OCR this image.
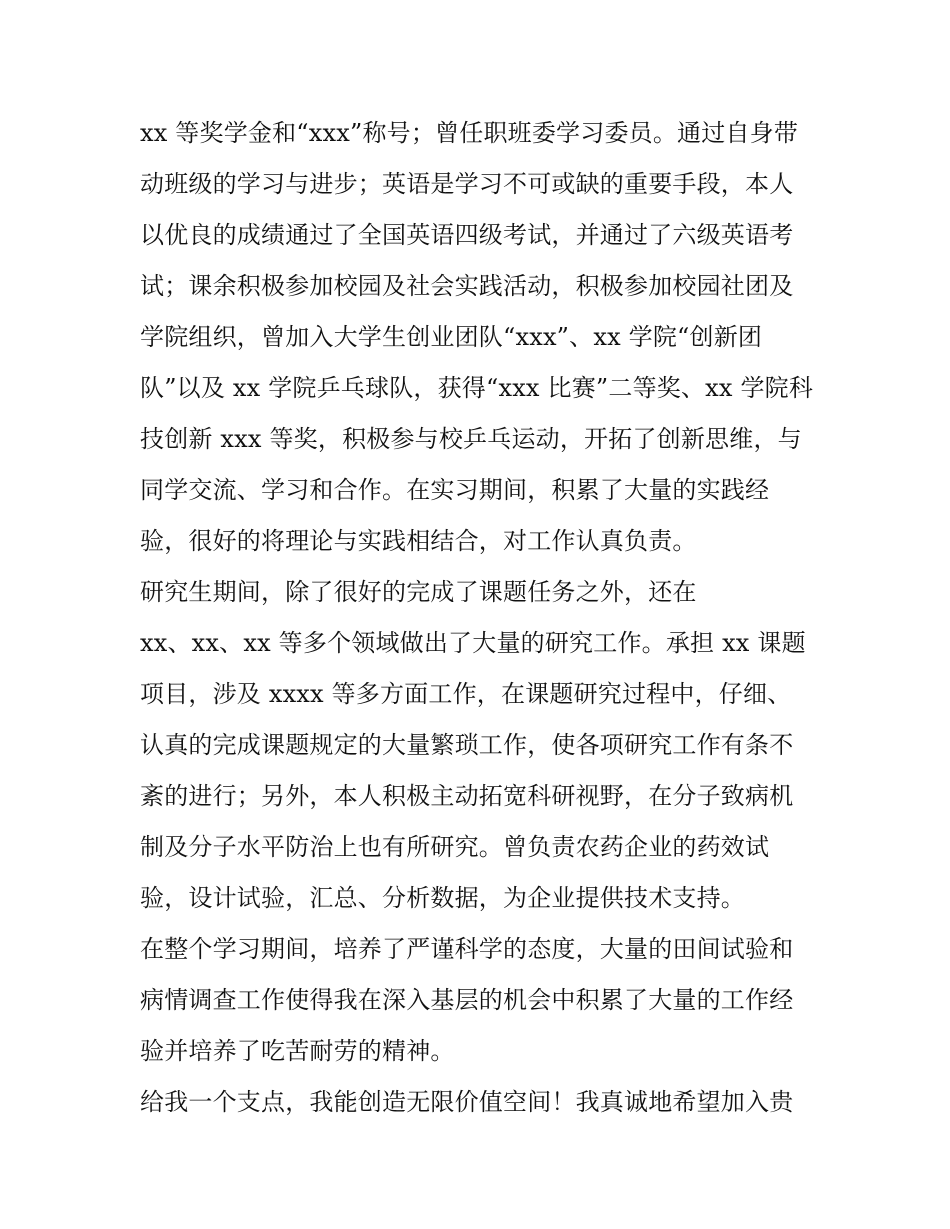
xx 等奖学金和“xxx”称号；曾任职班委学习委员。通过自身带
动班级的学习与进步；英语是学习不可或缺的重要手段，本人
以优良的成绩通过了全国英语四级考试，并通过了六级英语考
试；课余积极参加校园及社会实践活动，积极参加校园社团及
学院组织，曾加入大学生创业团队“xxx”、xx 学院“创新团
队”以及 xx 学院乒乓球队，获得“xxx 比赛”二等奖、xx 学院科
技创新 xxx 等奖，积极参与校乒乓运动，开拓了创新思维，与
同学交流、学习和合作。在实习期间，积累了大量的实践经
验，很好的将理论与实践相结合，对工作认真负责。
研究生期间，除了很好的完成了课题任务之外，还在
xx、xx、xx 等多个领域做出了大量的研究工作。承担 xx 课题
项目，涉及 xxxx 等多方面工作，在课题研究过程中，仔细、
认真的完成课题规定的大量繁琐工作，使各项研究工作有条不
紊的进行；另外，本人积极主动拓宽科研视野，在分子致病机
制及分子水平防治上也有所研究。曾负责农药企业的药效试
验，设计试验，汇总、分析数据，为企业提供技术支持。
在整个学习期间，培养了严谨科学的态度，大量的田间试验和
病情调查工作使得我在深入基层的机会中积累了大量的工作经
验并培养了吃苦耐劳的精神。
给我一个支点，我能创造无限价值空间！我真诚地希望加入贵
